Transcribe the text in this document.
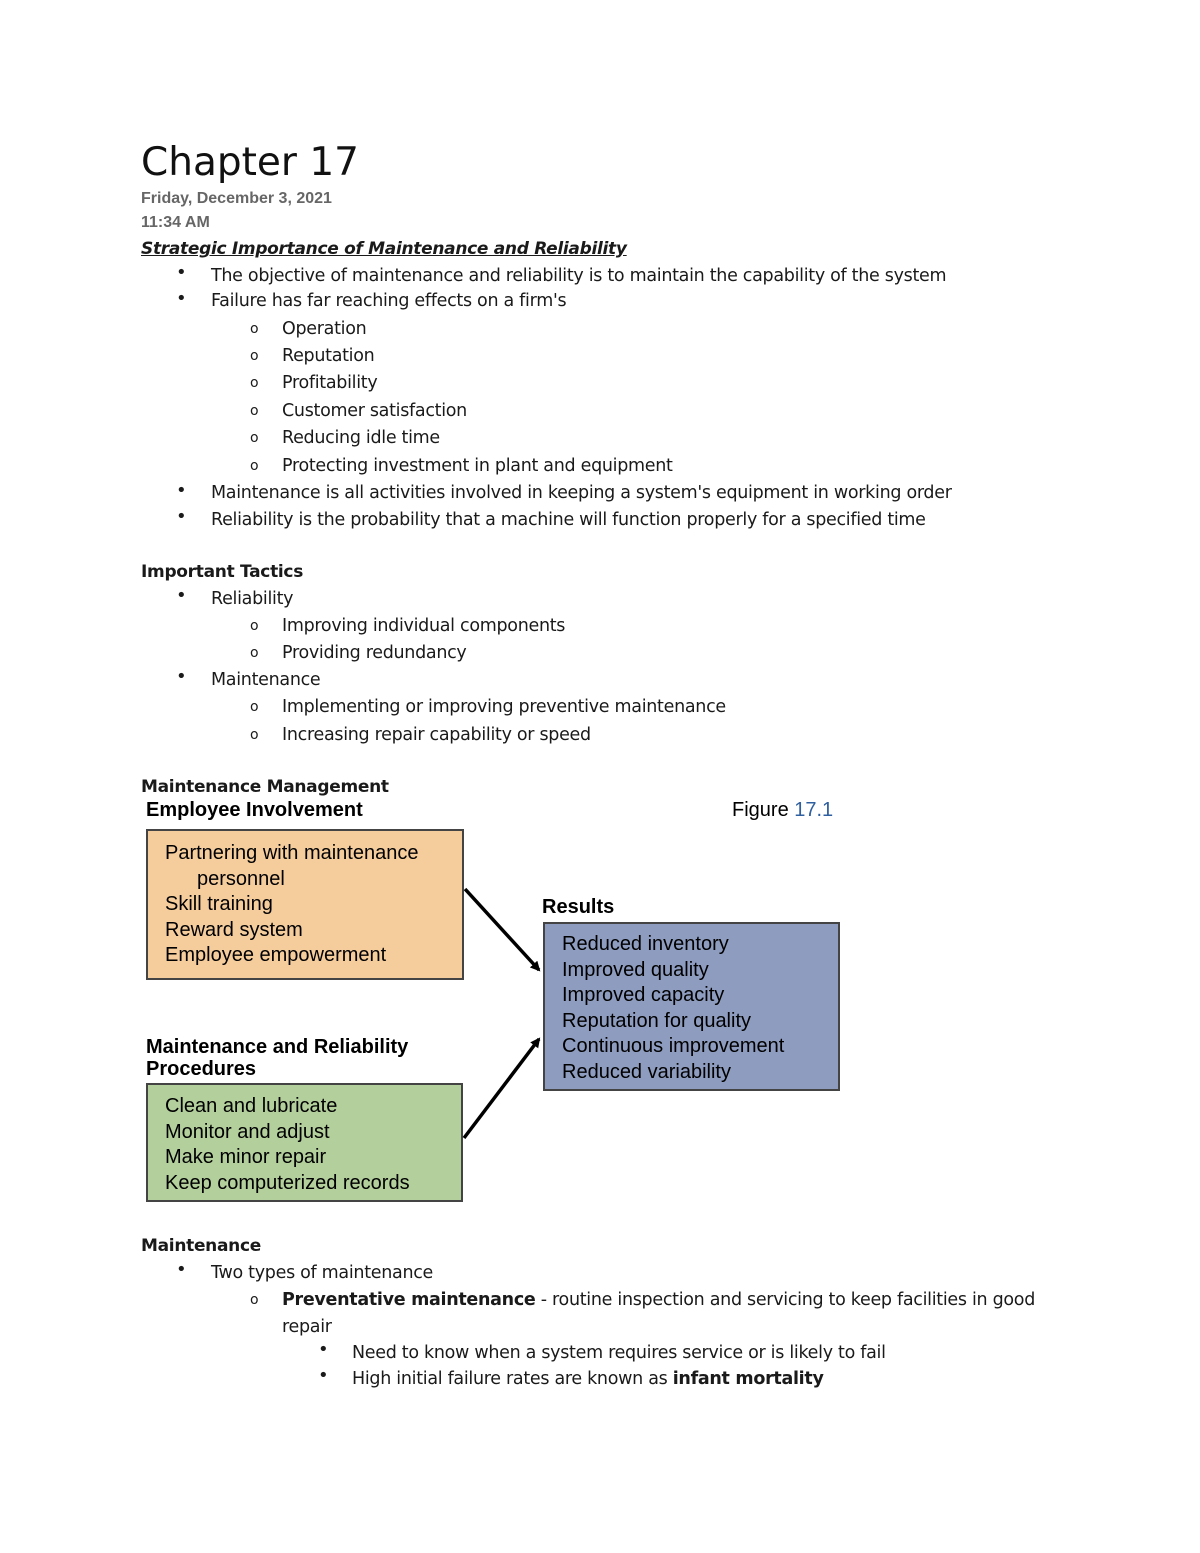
Chapter 17
Friday, December 3, 2021
11:34 AM
Strategic Importance of Maintenance and Reliability
• The objective of maintenance and reliability is to maintain the capability of the system
• Failure has far reaching effects on a firm's
o Operation
o Reputation
o Profitability
o Customer satisfaction
o Reducing idle time
o Protecting investment in plant and equipment
• Maintenance is all activities involved in keeping a system's equipment in working order
• Reliability is the probability that a machine will function properly for a specified time
Important Tactics
• Reliability
o Improving individual components
o Providing redundancy
• Maintenance
o Implementing or improving preventive maintenance
o Increasing repair capability or speed
Maintenance Management
Employee Involvement	Figure 17.1
Partnering with maintenance
personnel
Skill training
Reward system
Employee empowerment
Results
Reduced inventory
Improved quality
Improved capacity
Reputation for quality
Continuous improvement
Reduced variability
Maintenance and Reliability
Procedures
Clean and lubricate
Monitor and adjust
Make minor repair
Keep computerized records
Maintenance
• Two types of maintenance
o Preventative maintenance - routine inspection and servicing to keep facilities in good
repair
• Need to know when a system requires service or is likely to fail
• High initial failure rates are known as infant mortality
